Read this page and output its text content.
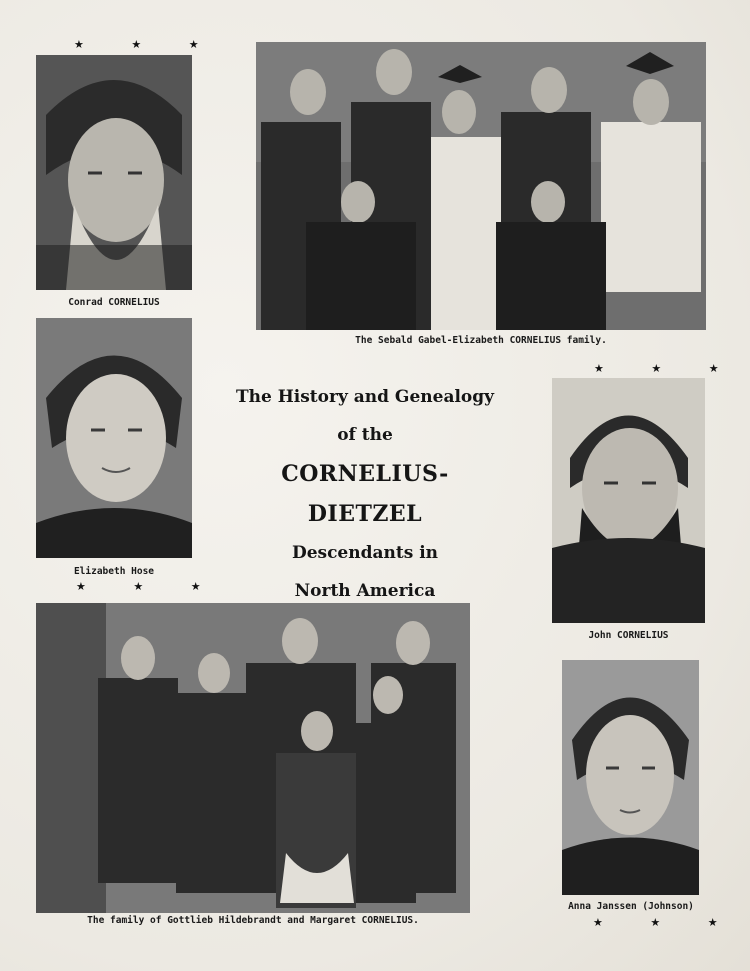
★ ★ ★
Conrad CORNELIUS
The Sebald Gabel-Elizabeth CORNELIUS family.
Elizabeth Hose
★ ★ ★
The History and Genealogy
of the
CORNELIUS-DIETZEL
Descendants in
North America
★ ★ ★
John CORNELIUS
The family of Gottlieb Hildebrandt and Margaret CORNELIUS.
Anna Janssen (Johnson)
★ ★ ★
